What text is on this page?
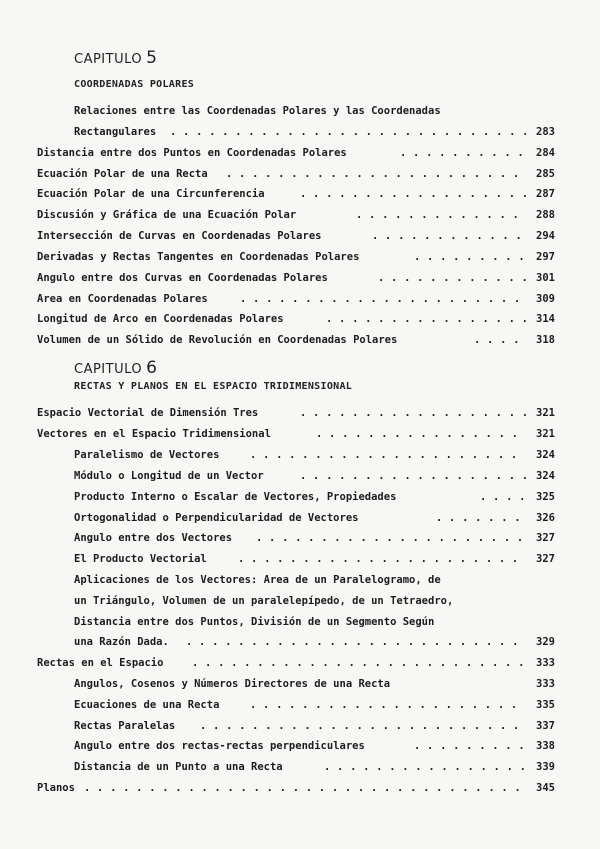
CAPITULO 5
COORDENADAS POLARES
Relaciones entre las Coordenadas Polares y las Coordenadas
Rectangulares . . .	283
Distancia entre dos Puntos en Coordenadas Polares . . .	284
Ecuación Polar de una Recta . . .	285
Ecuación Polar de una Circunferencia . . .	287
Discusión y Gráfica de una Ecuación Polar . . .	288
Intersección de Curvas en Coordenadas Polares . . .	294
Derivadas y Rectas Tangentes en Coordenadas Polares . . .	297
Angulo entre dos Curvas en Coordenadas Polares . . .	301
Area en Coordenadas Polares . . .	309
Longitud de Arco en Coordenadas Polares . . .	314
Volumen de un Sólido de Revolución en Coordenadas Polares . . .	318
CAPITULO 6
RECTAS Y PLANOS EN EL ESPACIO TRIDIMENSIONAL
Espacio Vectorial de Dimensión Tres . . .	321
Vectores en el Espacio Tridimensional . . .	321
Paralelismo de Vectores . . .	324
Módulo o Longitud de un Vector . . .	324
Producto Interno o Escalar de Vectores, Propiedades . . .	325
Ortogonalidad o Perpendicularidad de Vectores . . .	326
Angulo entre dos Vectores . . .	327
El Producto Vectorial . . .	327
Aplicaciones de los Vectores: Area de un Paralelogramo, de
un Triángulo, Volumen de un paralelepípedo, de un Tetraedro,
Distancia entre dos Puntos, División de un Segmento Según
una Razón Dada. . . .	329
Rectas en el Espacio . . .	333
Angulos, Cosenos y Números Directores de una Recta	333
Ecuaciones de una Recta . . .	335
Rectas Paralelas . . .	337
Angulo entre dos rectas-rectas perpendiculares . . .	338
Distancia de un Punto a una Recta . . .	339
Planos . . .	345
